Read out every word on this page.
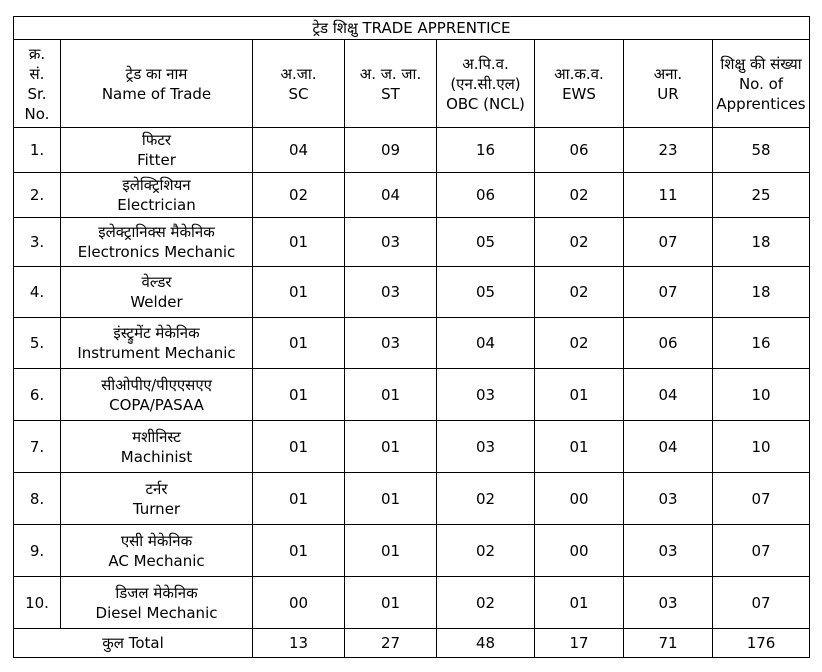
ट्रेड शिक्षु TRADE APPRENTICE							

क्र.
सं.
Sr.
No.	ट्रेड का नाम
Name of Trade	अ.जा.
SC	अ. ज. जा.
ST	अ.पि.व.
(एन.सी.एल)
OBC (NCL)	आ.क.व.
EWS	अना.
UR	शिक्षु की संख्या
No. of
Apprentices

1.	फिटर
Fitter	04	09	16	06	23	58
2.	इलेक्ट्रिशियन
Electrician	02	04	06	02	11	25
3.	इलेक्ट्रानिक्स मैकेनिक
Electronics Mechanic	01	03	05	02	07	18
4.	वेल्डर
Welder	01	03	05	02	07	18
5.	इंस्ट्रुमेंट मेकेनिक
Instrument Mechanic	01	03	04	02	06	16
6.	सीओपीए/पीएएसएए
COPA/PASAA	01	01	03	01	04	10
7.	मशीनिस्ट
Machinist	01	01	03	01	04	10
8.	टर्नर
Turner	01	01	02	00	03	07
9.	एसी मेकेनिक
AC Mechanic	01	01	02	00	03	07
10.	डिजल मेकेनिक
Diesel Mechanic	00	01	02	01	03	07
कुल Total		13	27	48	17	71	176
